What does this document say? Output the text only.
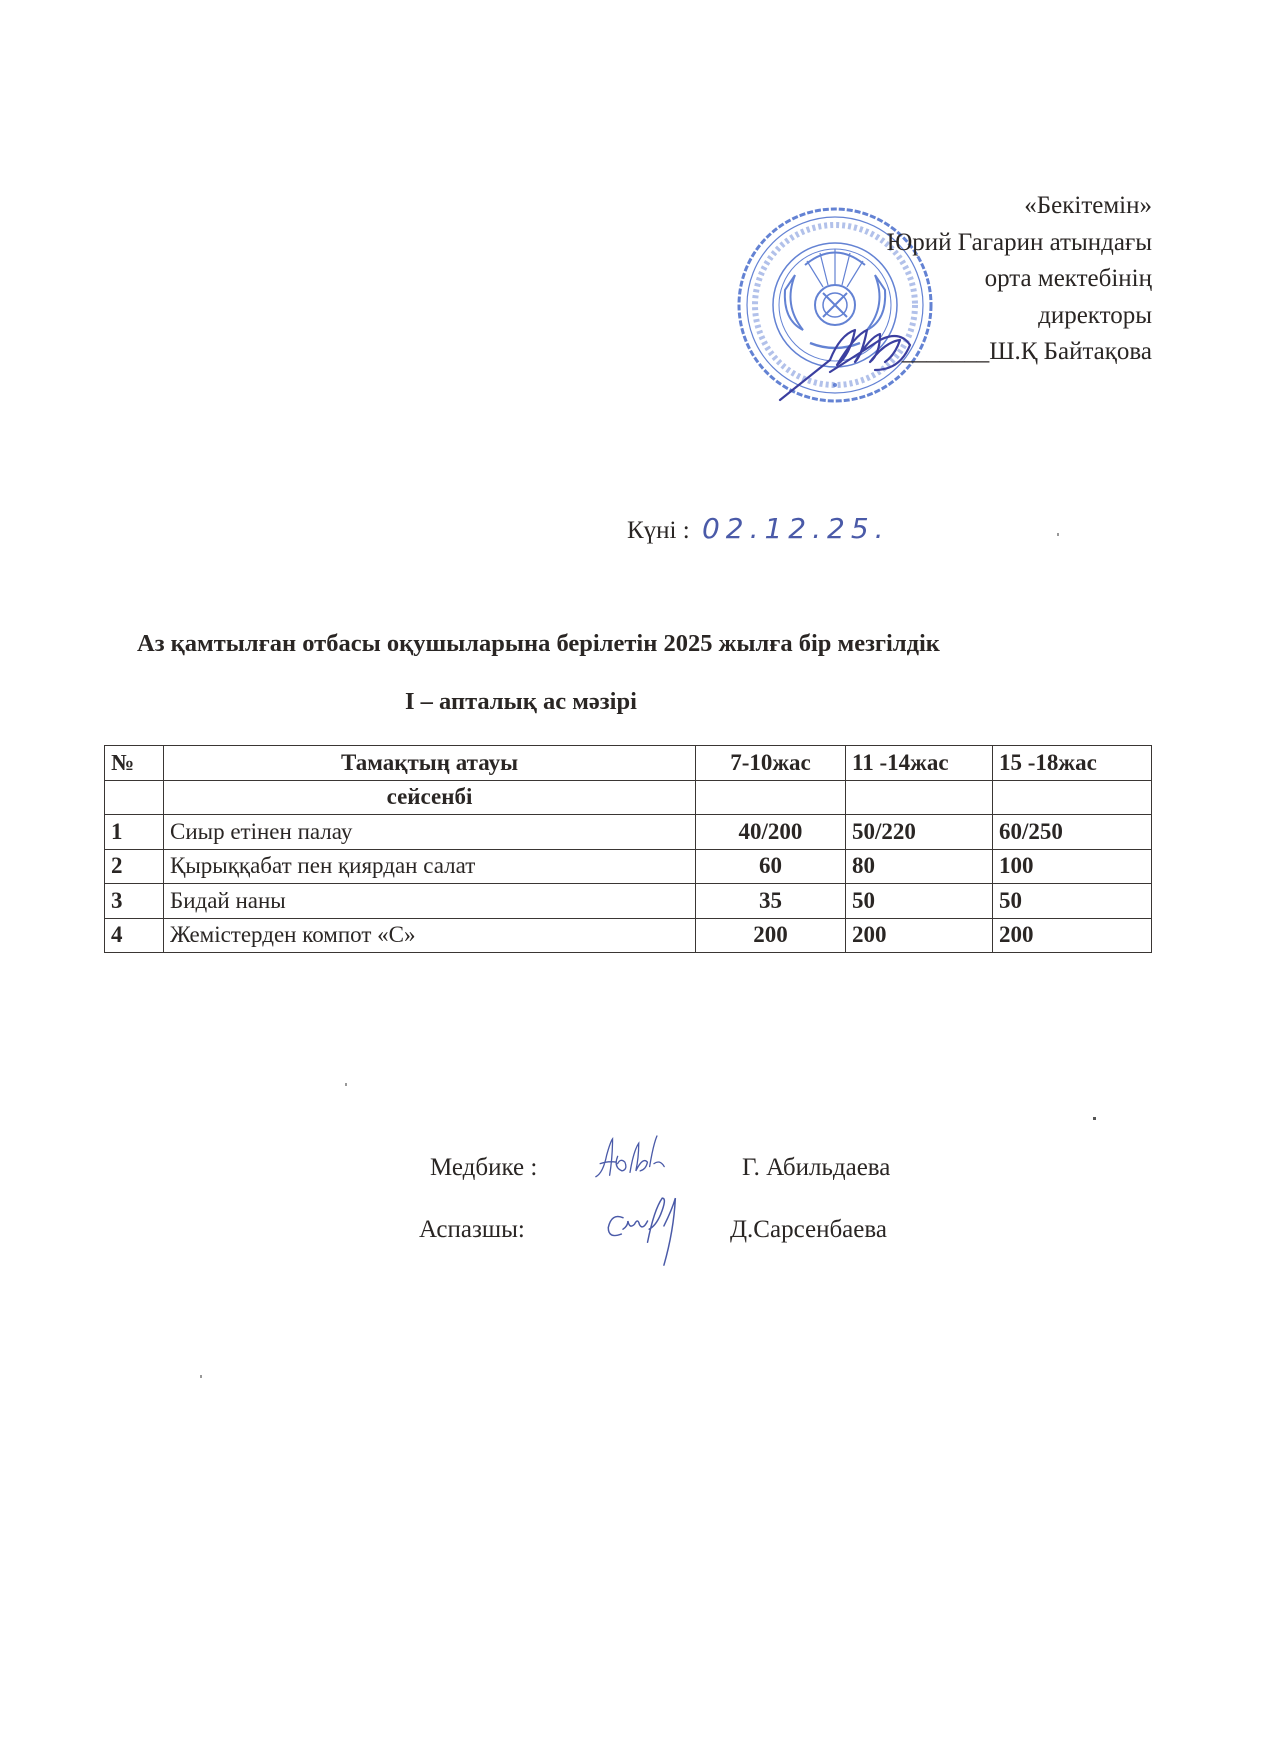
«Бекітемін»
Юрий Гагарин атындағы
орта мектебінің
директоры
_______Ш.Қ Байтақова
Күні : 02.12.25.
Аз қамтылған отбасы оқушыларына берілетін 2025 жылға бір мезгілдік
І – апталық ас мәзірі
№	Тамақтың атауы	7-10жас	11 -14жас	15 -18жас
	сейсенбі			
1	Сиыр етінен палау	40/200	50/220	60/250
2	Қырыққабат пен қиярдан салат	60	80	100
3	Бидай наны	35	50	50
4	Жемістерден компот «С»	200	200	200
Медбике :	Г. Абильдаева
Аспазшы:	Д.Сарсенбаева
